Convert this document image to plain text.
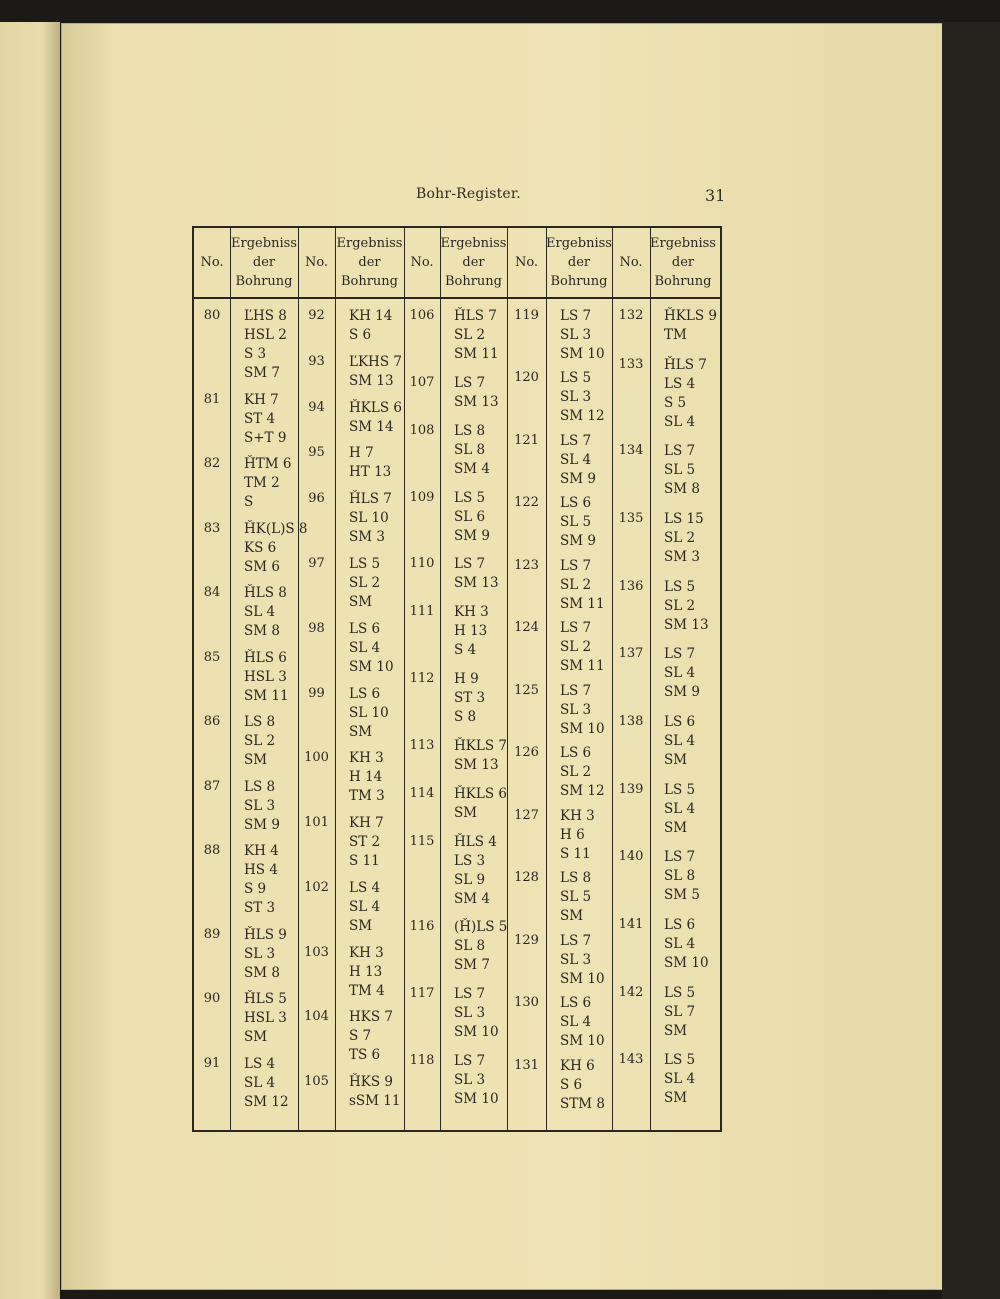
Bohr-Register.	31
No.
Ergebniss
der
Bohrung
80	ĽHS 8
HSL 2
S 3
SM 7
81	KH 7
ST 4
S+T 9
82	ȞTM 6
TM 2
S
83	ȞK(L)S 8
KS 6
SM 6
84	ȞLS 8
SL 4
SM 8
85	ȞLS 6
HSL 3
SM 11
86	LS 8
SL 2
SM
87	LS 8
SL 3
SM 9
88	KH 4
HS 4
S 9
ST 3
89	ȞLS 9
SL 3
SM 8
90	ȞLS 5
HSL 3
SM
91	LS 4
SL 4
SM 12
No.
Ergebniss
der
Bohrung
92	KH 14
S 6
93	ĽKHS 7
SM 13
94	ȞKLS 6
SM 14
95	H 7
HT 13
96	ȞLS 7
SL 10
SM 3
97	LS 5
SL 2
SM
98	LS 6
SL 4
SM 10
99	LS 6
SL 10
SM
100	KH 3
H 14
TM 3
101	KH 7
ST 2
S 11
102	LS 4
SL 4
SM
103	KH 3
H 13
TM 4
104	HKS 7
S 7
TS 6
105	ȞKS 9
sSM 11
No.
Ergebniss
der
Bohrung
106	ȞLS 7
SL 2
SM 11
107	LS 7
SM 13
108	LS 8
SL 8
SM 4
109	LS 5
SL 6
SM 9
110	LS 7
SM 13
111	KH 3
H 13
S 4
112	H 9
ST 3
S 8
113	ȞKLS 7
SM 13
114	ȞKLS 6
SM
115	ȞLS 4
LS 3
SL 9
SM 4
116	(Ȟ)LS 5
SL 8
SM 7
117	LS 7
SL 3
SM 10
118	LS 7
SL 3
SM 10
No.
Ergebniss
der
Bohrung
119	LS 7
SL 3
SM 10
120	LS 5
SL 3
SM 12
121	LS 7
SL 4
SM 9
122	LS 6
SL 5
SM 9
123	LS 7
SL 2
SM 11
124	LS 7
SL 2
SM 11
125	LS 7
SL 3
SM 10
126	LS 6
SL 2
SM 12
127	KH 3
H 6
S 11
128	LS 8
SL 5
SM
129	LS 7
SL 3
SM 10
130	LS 6
SL 4
SM 10
131	KH 6
S 6
STM 8
No.
Ergebniss
der
Bohrung
132	ȞKLS 9
TM
133	ȞLS 7
LS 4
S 5
SL 4
134	LS 7
SL 5
SM 8
135	LS 15
SL 2
SM 3
136	LS 5
SL 2
SM 13
137	LS 7
SL 4
SM 9
138	LS 6
SL 4
SM
139	LS 5
SL 4
SM
140	LS 7
SL 8
SM 5
141	LS 6
SL 4
SM 10
142	LS 5
SL 7
SM
143	LS 5
SL 4
SM
